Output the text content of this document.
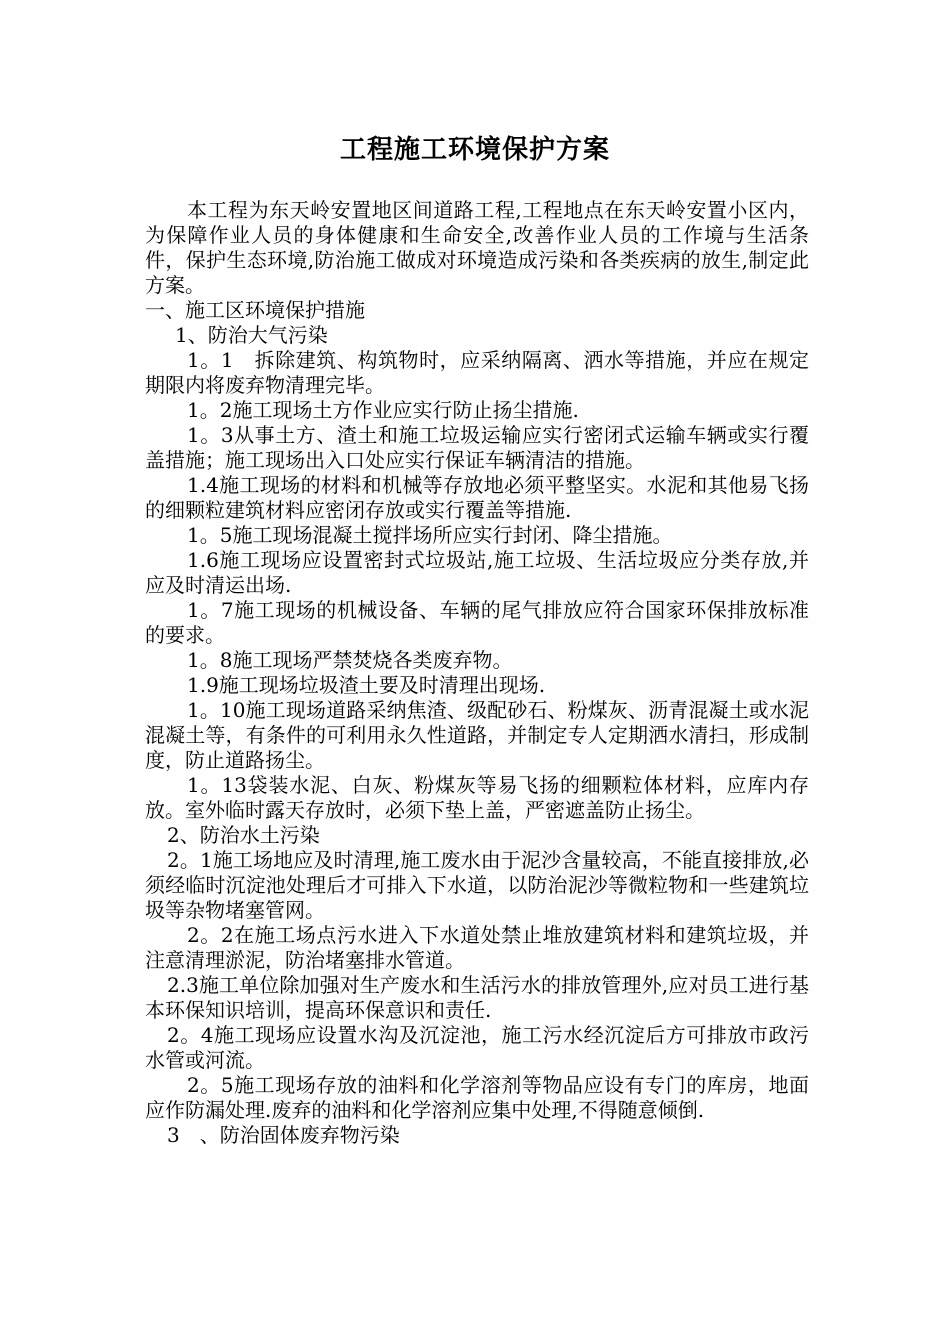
工程施工环境保护方案

本工程为东天岭安置地区间道路工程,工程地点在东天岭安置小区内，为保障作业人员的身体健康和生命安全,改善作业人员的工作境与生活条件，保护生态环境,防治施工做成对环境造成污染和各类疾病的放生,制定此方案。

一、施工区环境保护措施

1、防治大气污染

1。1　拆除建筑、构筑物时，应采纳隔离、洒水等措施，并应在规定期限内将废弃物清理完毕。

1。2施工现场土方作业应实行防止扬尘措施.

1。3从事土方、渣土和施工垃圾运输应实行密闭式运输车辆或实行覆盖措施；施工现场出入口处应实行保证车辆清洁的措施。

1.4施工现场的材料和机械等存放地必须平整坚实。水泥和其他易飞扬的细颗粒建筑材料应密闭存放或实行覆盖等措施.

1。5施工现场混凝土搅拌场所应实行封闭、降尘措施。

1.6施工现场应设置密封式垃圾站,施工垃圾、生活垃圾应分类存放,并应及时清运出场.

1。7施工现场的机械设备、车辆的尾气排放应符合国家环保排放标准的要求。

1。8施工现场严禁焚烧各类废弃物。

1.9施工现场垃圾渣土要及时清理出现场.

1。10施工现场道路采纳焦渣、级配砂石、粉煤灰、沥青混凝土或水泥混凝土等，有条件的可利用永久性道路，并制定专人定期洒水清扫，形成制度，防止道路扬尘。

1。13袋装水泥、白灰、粉煤灰等易飞扬的细颗粒体材料，应库内存放。室外临时露天存放时，必须下垫上盖，严密遮盖防止扬尘。

2、防治水土污染

2。1施工场地应及时清理,施工废水由于泥沙含量较高，不能直接排放,必须经临时沉淀池处理后才可排入下水道，以防治泥沙等微粒物和一些建筑垃圾等杂物堵塞管网。

2。2在施工场点污水进入下水道处禁止堆放建筑材料和建筑垃圾，并注意清理淤泥，防治堵塞排水管道。

2.3施工单位除加强对生产废水和生活污水的排放管理外,应对员工进行基本环保知识培训，提高环保意识和责任.

2。4施工现场应设置水沟及沉淀池，施工污水经沉淀后方可排放市政污水管或河流。

2。5施工现场存放的油料和化学溶剂等物品应设有专门的库房，地面应作防漏处理.废弃的油料和化学溶剂应集中处理,不得随意倾倒.

3　、防治固体废弃物污染
